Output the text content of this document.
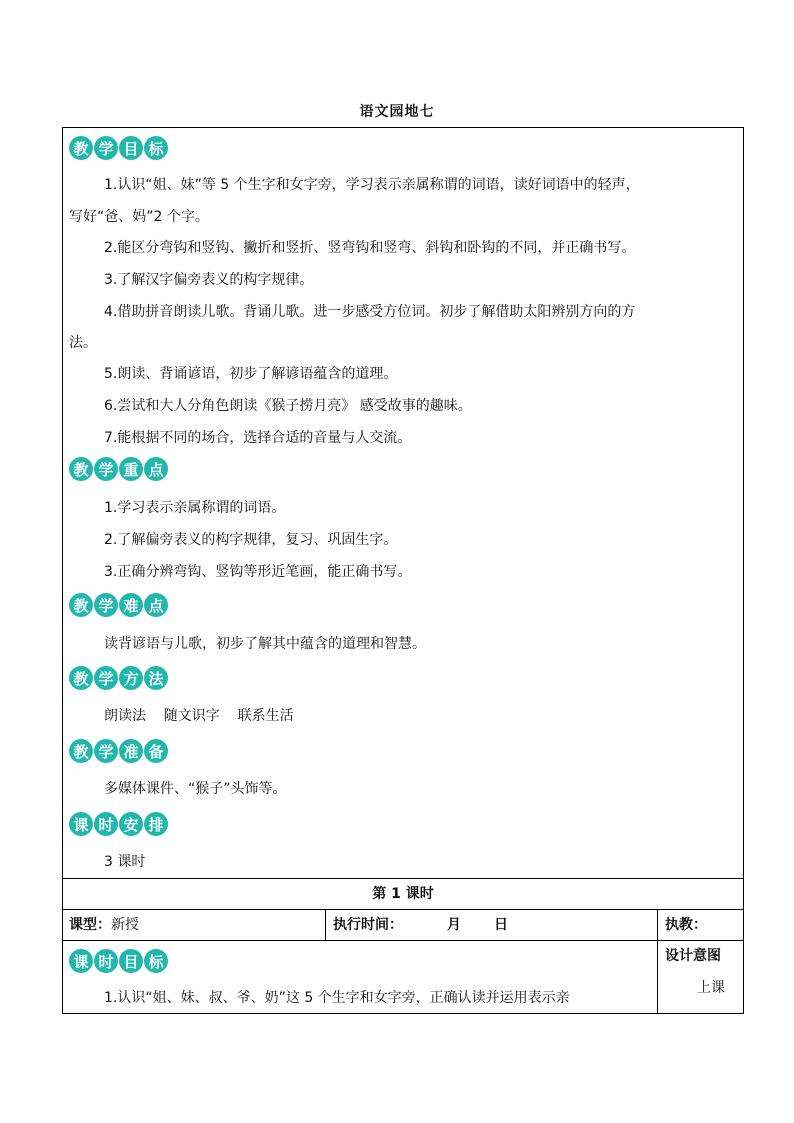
语文园地七
教 学 目 标
1.认识“姐、妹”等 5 个生字和女字旁，学习表示亲属称谓的词语，读好词语中的轻声，
写好“爸、妈”2 个字。
2.能区分弯钩和竖钩、撇折和竖折、竖弯钩和竖弯、斜钩和卧钩的不同，并正确书写。
3.了解汉字偏旁表义的构字规律。
4.借助拼音朗读儿歌。背诵儿歌。进一步感受方位词。初步了解借助太阳辨别方向的方
法。
5.朗读、背诵谚语，初步了解谚语蕴含的道理。
6.尝试和大人分角色朗读《猴子捞月亮》 感受故事的趣味。
7.能根据不同的场合，选择合适的音量与人交流。
教 学 重 点
1.学习表示亲属称谓的词语。
2.了解偏旁表义的构字规律，复习、巩固生字。
3.正确分辨弯钩、竖钩等形近笔画，能正确书写。
教 学 难 点
读背谚语与儿歌，初步了解其中蕴含的道理和智慧。
教 学 方 法
朗读法    随文识字    联系生活
教 学 准 备
多媒体课件、“猴子”头饰等。
课 时 安 排
3 课时
第 1 课时
课型：新授	执行时间：	月 日	执教：
课 时 目 标
1.认识“姐、妹、叔、爷、奶”这 5 个生字和女字旁，正确认读并运用表示亲
设计意图
上课
